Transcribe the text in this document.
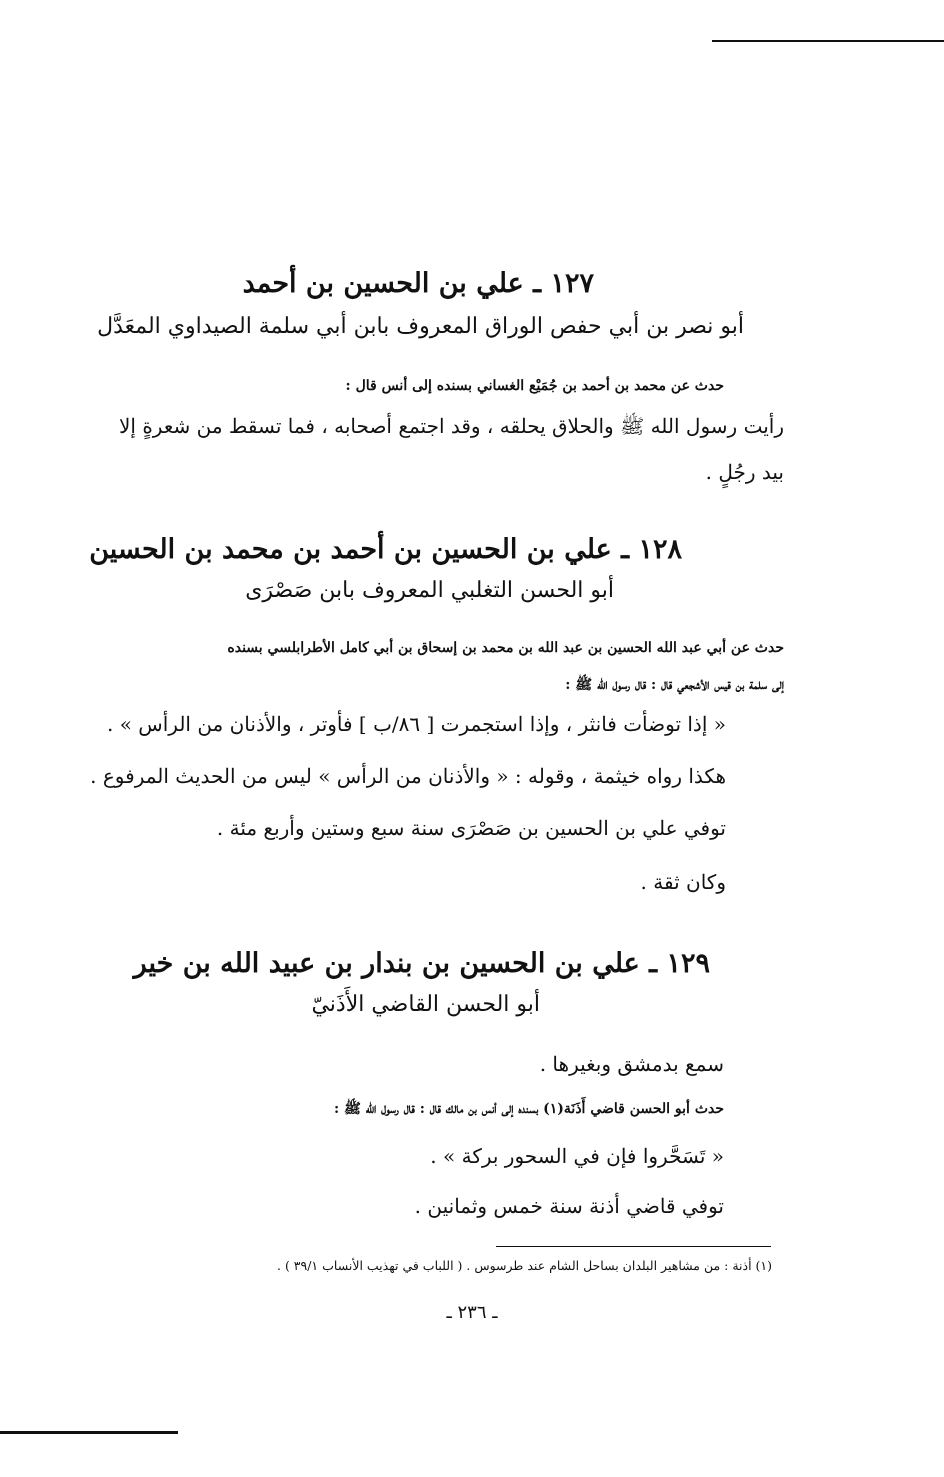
١٢٧ ـ علي بن الحسين بن أحمد
أبو نصر بن أبي حفص الوراق المعروف بابن أبي سلمة الصيداوي المعَدَّل
حدث عن محمد بن أحمد بن جُمَيْع الغساني بسنده إلى أنس قال :
رأيت رسول الله ﷺ والحلاق يحلقه ، وقد اجتمع أصحابه ، فما تسقط من شعرةٍ إلا
بيد رجُلٍ .
١٢٨ ـ علي بن الحسين بن أحمد بن محمد بن الحسين
أبو الحسن التغلبي المعروف بابن صَصْرَى
حدث عن أبي عبد الله الحسين بن عبد الله بن محمد بن إسحاق بن أبي كامل الأطرابلسي بسنده
إلى سلمة بن قيس الأشجعي قال : قال رسول الله ﷺ :
« إذا توضأت فانثر ، وإذا استجمرت [ ٨٦/ب ] فأوتر ، والأذنان من الرأس » .
هكذا رواه خيثمة ، وقوله : « والأذنان من الرأس » ليس من الحديث المرفوع .
توفي علي بن الحسين بن صَصْرَى سنة سبع وستين وأربع مئة .
وكان ثقة .
١٢٩ ـ علي بن الحسين بن بندار بن عبيد الله بن خير
أبو الحسن القاضي الأَذَنيّ
سمع بدمشق وبغيرها .
حدث أبو الحسن قاضي أَذَنَة(١) بسنده إلى أنس بن مالك قال : قال رسول الله ﷺ :
« تَسَحَّروا فإن في السحور بركة » .
توفي قاضي أذنة سنة خمس وثمانين .
(١) أذنة : من مشاهير البلدان بساحل الشام عند طرسوس . ( اللباب في تهذيب الأنساب ٣٩/١ ) .
ـ ٢٣٦ ـ
